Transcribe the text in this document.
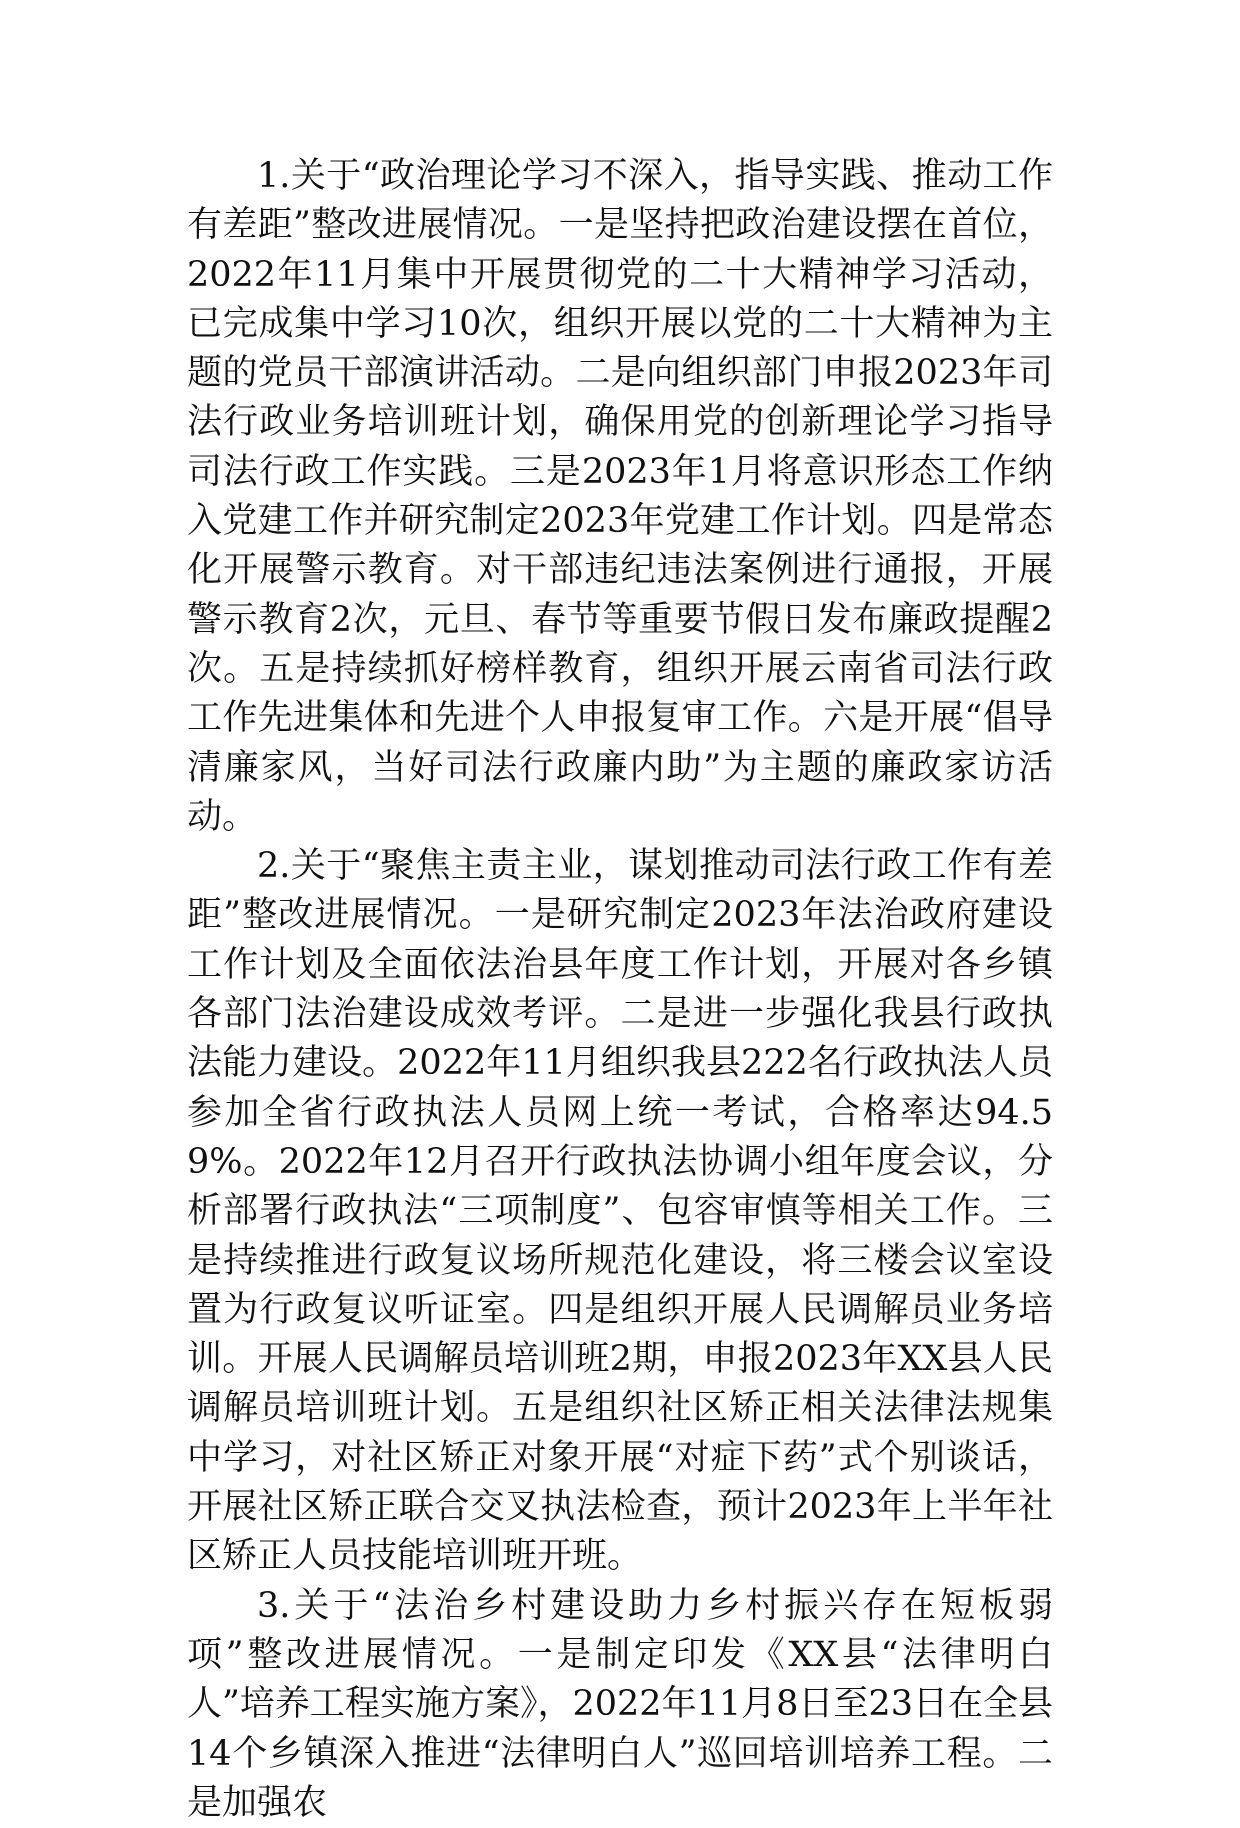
1.关于“政治理论学习不深入，指导实践、推动工作有差距”整改进展情况。一是坚持把政治建设摆在首位，2022年11月集中开展贯彻党的二十大精神学习活动，已完成集中学习10次，组织开展以党的二十大精神为主题的党员干部演讲活动。二是向组织部门申报2023年司法行政业务培训班计划，确保用党的创新理论学习指导司法行政工作实践。三是2023年1月将意识形态工作纳入党建工作并研究制定2023年党建工作计划。四是常态化开展警示教育。对干部违纪违法案例进行通报，开展警示教育2次，元旦、春节等重要节假日发布廉政提醒2次。五是持续抓好榜样教育，组织开展云南省司法行政工作先进集体和先进个人申报复审工作。六是开展“倡导清廉家风，当好司法行政廉内助”为主题的廉政家访活动。

2.关于“聚焦主责主业，谋划推动司法行政工作有差距”整改进展情况。一是研究制定2023年法治政府建设工作计划及全面依法治县年度工作计划，开展对各乡镇各部门法治建设成效考评。二是进一步强化我县行政执法能力建设。2022年11月组织我县222名行政执法人员参加全省行政执法人员网上统一考试，合格率达94.59%。2022年12月召开行政执法协调小组年度会议，分析部署行政执法“三项制度”、包容审慎等相关工作。三是持续推进行政复议场所规范化建设，将三楼会议室设置为行政复议听证室。四是组织开展人民调解员业务培训。开展人民调解员培训班2期，申报2023年XX县人民调解员培训班计划。五是组织社区矫正相关法律法规集中学习，对社区矫正对象开展“对症下药”式个别谈话，开展社区矫正联合交叉执法检查，预计2023年上半年社区矫正人员技能培训班开班。

3.关于“法治乡村建设助力乡村振兴存在短板弱项”整改进展情况。一是制定印发《XX县“法律明白人”培养工程实施方案》，2022年11月8日至23日在全县14个乡镇深入推进“法律明白人”巡回培训培养工程。二是加强农
